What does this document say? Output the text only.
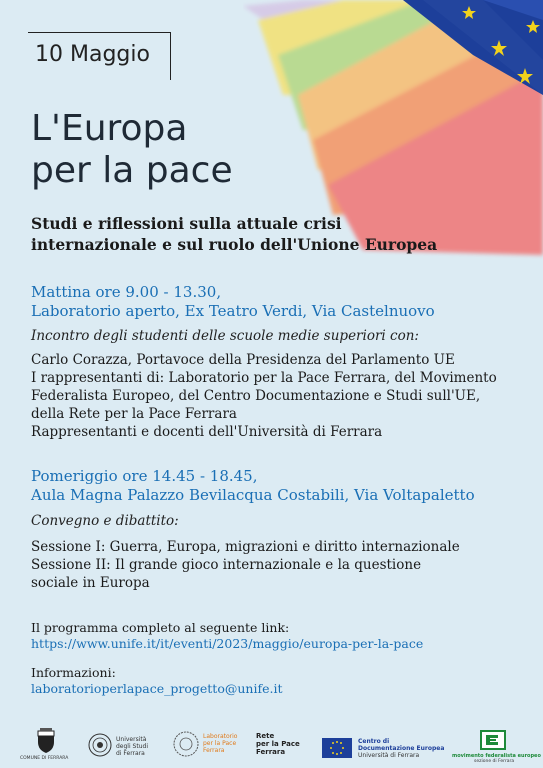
10 Maggio
L'Europa
per la pace
Studi e riflessioni sulla attuale crisi
internazionale e sul ruolo dell'Unione Europea
Mattina ore 9.00 - 13.30,
Laboratorio aperto, Ex Teatro Verdi, Via Castelnuovo
Incontro degli studenti delle scuole medie superiori con:
Carlo Corazza, Portavoce della Presidenza del Parlamento UE
I rappresentanti di: Laboratorio per la Pace Ferrara, del Movimento
Federalista Europeo, del Centro Documentazione e Studi sull'UE,
della Rete per la Pace Ferrara
Rappresentanti e docenti dell'Università di Ferrara
Pomeriggio ore 14.45 - 18.45,
Aula Magna Palazzo Bevilacqua Costabili, Via Voltapaletto
Convegno e dibattito:
Sessione I: Guerra, Europa, migrazioni e diritto internazionale
Sessione II: Il grande gioco internazionale e la questione
sociale in Europa
Il programma completo al seguente link:
https://www.unife.it/it/eventi/2023/maggio/europa-per-la-pace
Informazioni:
laboratorioperlapace_progetto@unife.it
COMUNE DI FERRARA
Università
degli Studi
di Ferrara
Laboratorio
per la Pace
Ferrara
Rete
per la Pace
Ferrara
Centro di
Documentazione Europea
Università di Ferrara	movimento federalista europeo
sezione di Ferrara
